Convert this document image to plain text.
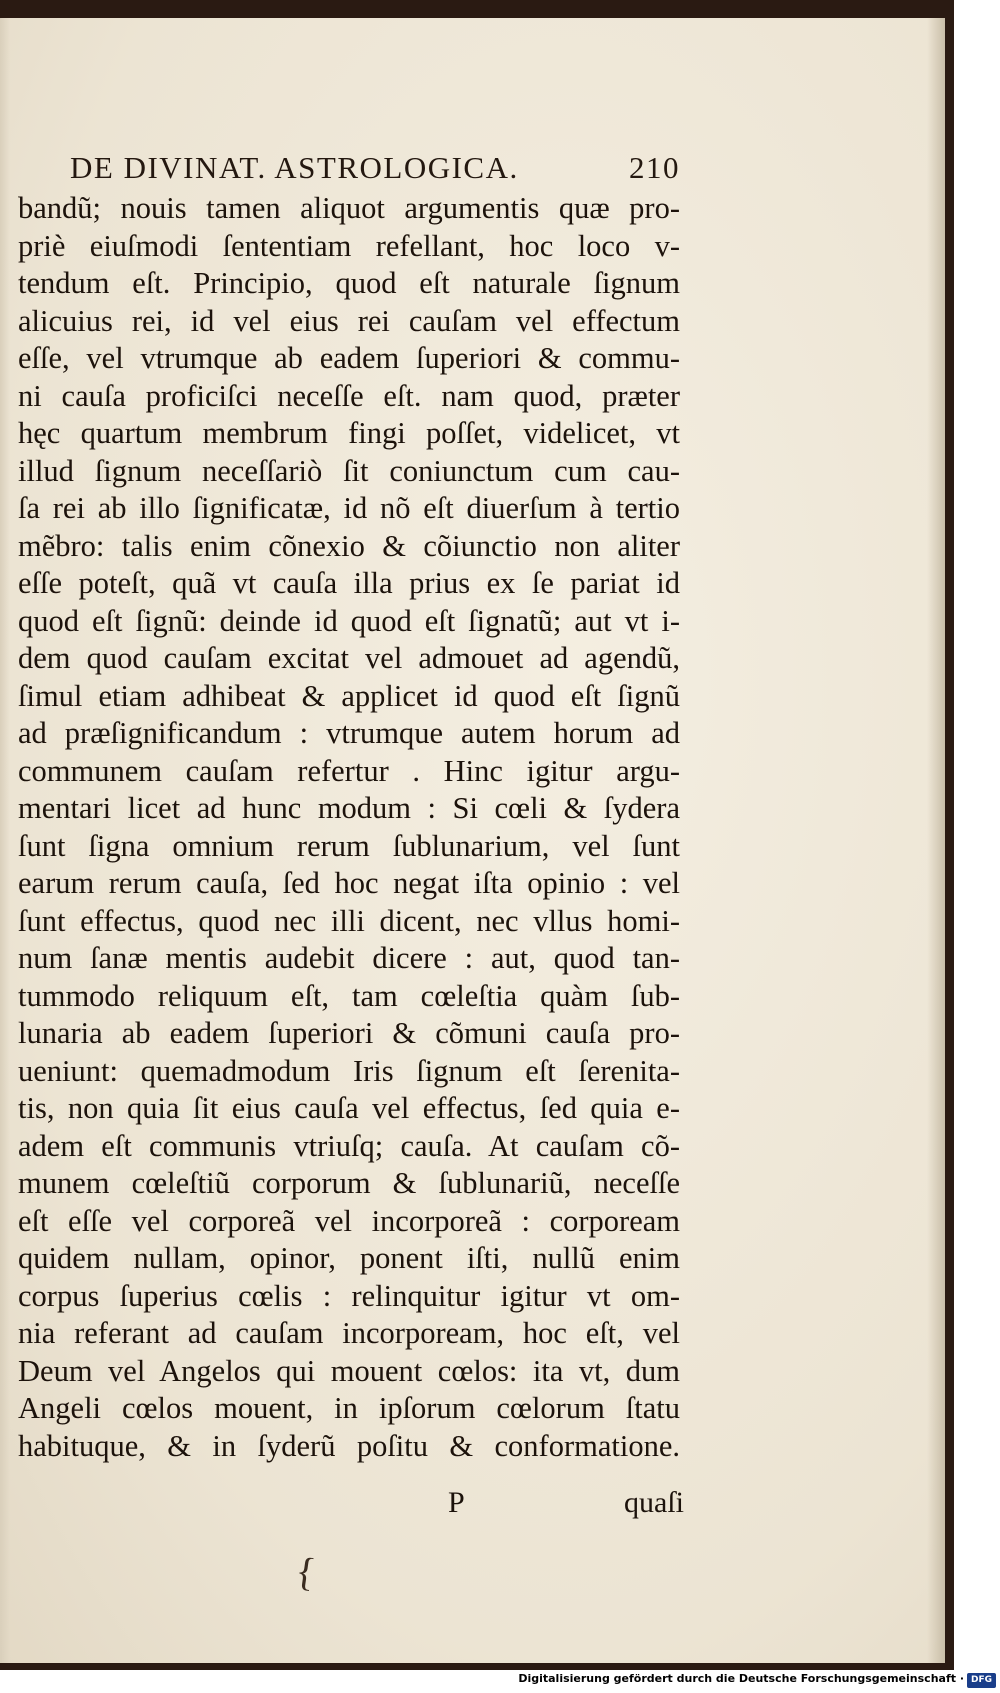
DE DIVINAT. ASTROLOGICA.	210
bandũ; nouis tamen aliquot argumentis quæ pro-
priè eiuſmodi ſententiam refellant, hoc loco v-
tendum eſt. Principio, quod eſt naturale ſignum
alicuius rei, id vel eius rei cauſam vel effectum
eſſe, vel vtrumque ab eadem ſuperiori & commu-
ni cauſa proficiſci neceſſe eſt. nam quod, præter
hęc quartum membrum fingi poſſet, videlicet, vt
illud ſignum neceſſariò ſit coniunctum cum cau-
ſa rei ab illo ſignificatæ, id nõ eſt diuerſum à tertio
mẽbro: talis enim cõnexio & cõiunctio non aliter
eſſe poteſt, quã vt cauſa illa prius ex ſe pariat id
quod eſt ſignũ: deinde id quod eſt ſignatũ; aut vt i-
dem quod cauſam excitat vel admouet ad agendũ,
ſimul etiam adhibeat & applicet id quod eſt ſignũ
ad præſignificandum : vtrumque autem horum ad
communem cauſam refertur . Hinc igitur argu-
mentari licet ad hunc modum : Si cœli & ſydera
ſunt ſigna omnium rerum ſublunarium, vel ſunt
earum rerum cauſa, ſed hoc negat iſta opinio : vel
ſunt effectus, quod nec illi dicent, nec vllus homi-
num ſanæ mentis audebit dicere : aut, quod tan-
tummodo reliquum eſt, tam cœleſtia quàm ſub-
lunaria ab eadem ſuperiori & cõmuni cauſa pro-
ueniunt: quemadmodum Iris ſignum eſt ſerenita-
tis, non quia ſit eius cauſa vel effectus, ſed quia e-
adem eſt communis vtriuſq; cauſa. At cauſam cõ-
munem cœleſtiũ corporum & ſublunariũ, neceſſe
eſt eſſe vel corporeã vel incorporeã : corpoream
quidem nullam, opinor, ponent iſti, nullũ enim
corpus ſuperius cœlis : relinquitur igitur vt om-
nia referant ad cauſam incorpoream, hoc eſt, vel
Deum vel Angelos qui mouent cœlos: ita vt, dum
Angeli cœlos mouent, in ipſorum cœlorum ſtatu
habituque, & in ſyderũ poſitu & conformatione.
P	quaſi
{
Digitalisierung gefördert durch die Deutsche Forschungsgemeinschaft · DFG
